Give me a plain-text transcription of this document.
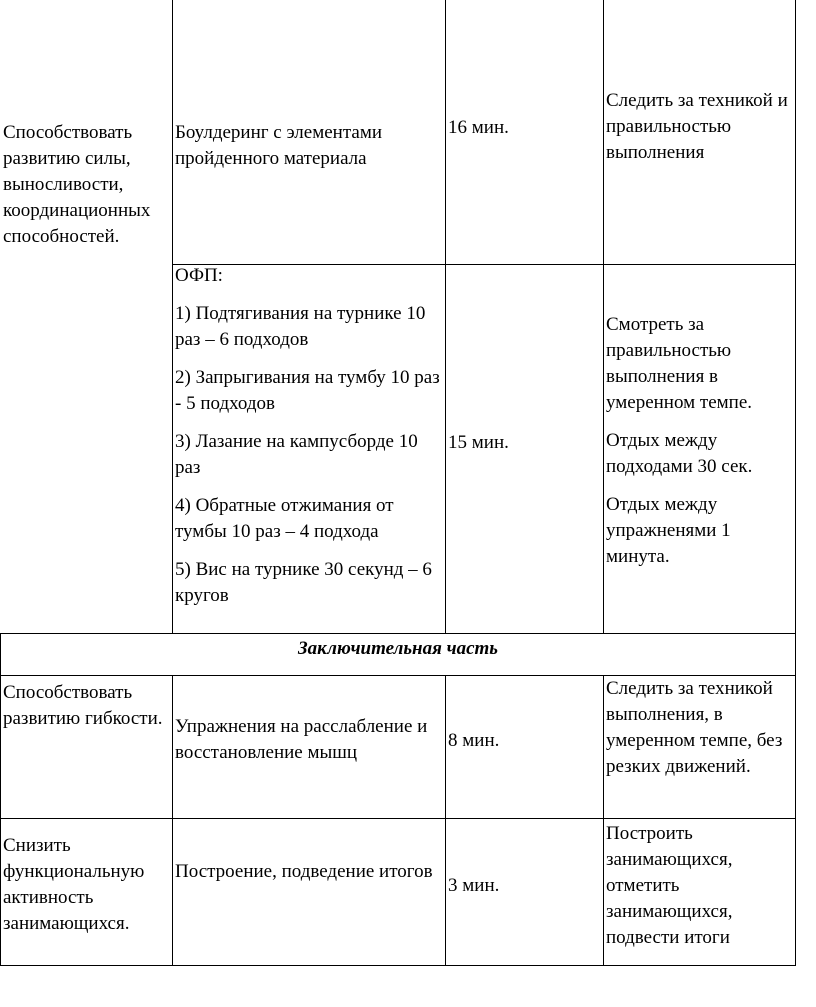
Способствовать развитию силы, выносливости, координационных способностей.
Боулдеринг с элементами пройденного материала
16 мин.
Следить за техникой и правильностью выполнения

ОФП:

1) Подтягивания на турнике 10 раз – 6 подходов

2) Запрыгивания на тумбу 10 раз - 5 подходов

3) Лазание на кампусборде 10 раз

4) Обратные отжимания от тумбы 10 раз – 4 подхода

5) Вис на турнике 30 секунд – 6 кругов

15 мин.

Смотреть за правильностью выполнения в умеренном темпе.

Отдых между подходами 30 сек.

Отдых между упражненями 1 минута.

Заключительная часть
Способствовать развитию гибкости. Упражнения на расслабление и восстановление мышц
8 мин.
Следить за техникой выполнения, в умеренном темпе, без резких движений.
Снизить функциональную активность занимающихся.
Построение, подведение итогов
3 мин.
Построить занимающихся, отметить занимающихся, подвести итоги
